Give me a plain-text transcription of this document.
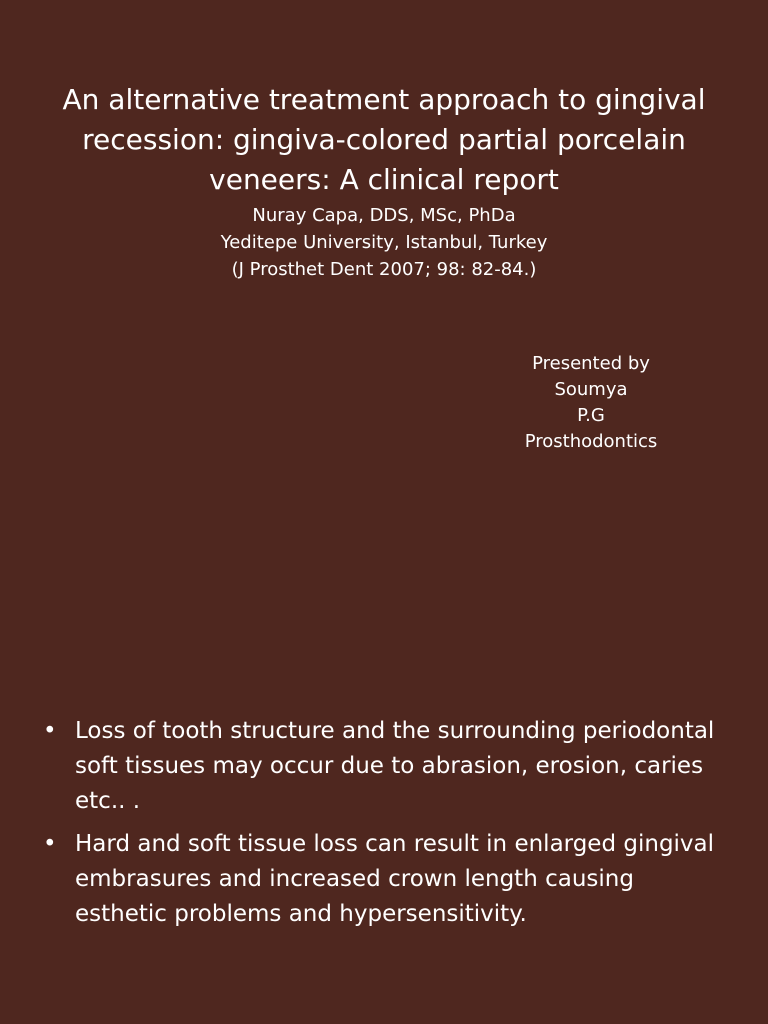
An alternative treatment approach to gingival recession: gingiva-colored partial porcelain veneers: A clinical report
Nuray Capa, DDS, MSc, PhDa
Yeditepe University, Istanbul, Turkey
(J Prosthet Dent 2007; 98: 82-84.)
Presented by
Soumya
P.G
Prosthodontics
• Loss of tooth structure and the surrounding periodontal soft tissues may occur due to abrasion, erosion, caries etc.. .
• Hard and soft tissue loss can result in enlarged gingival embrasures and increased crown length causing esthetic problems and hypersensitivity.
